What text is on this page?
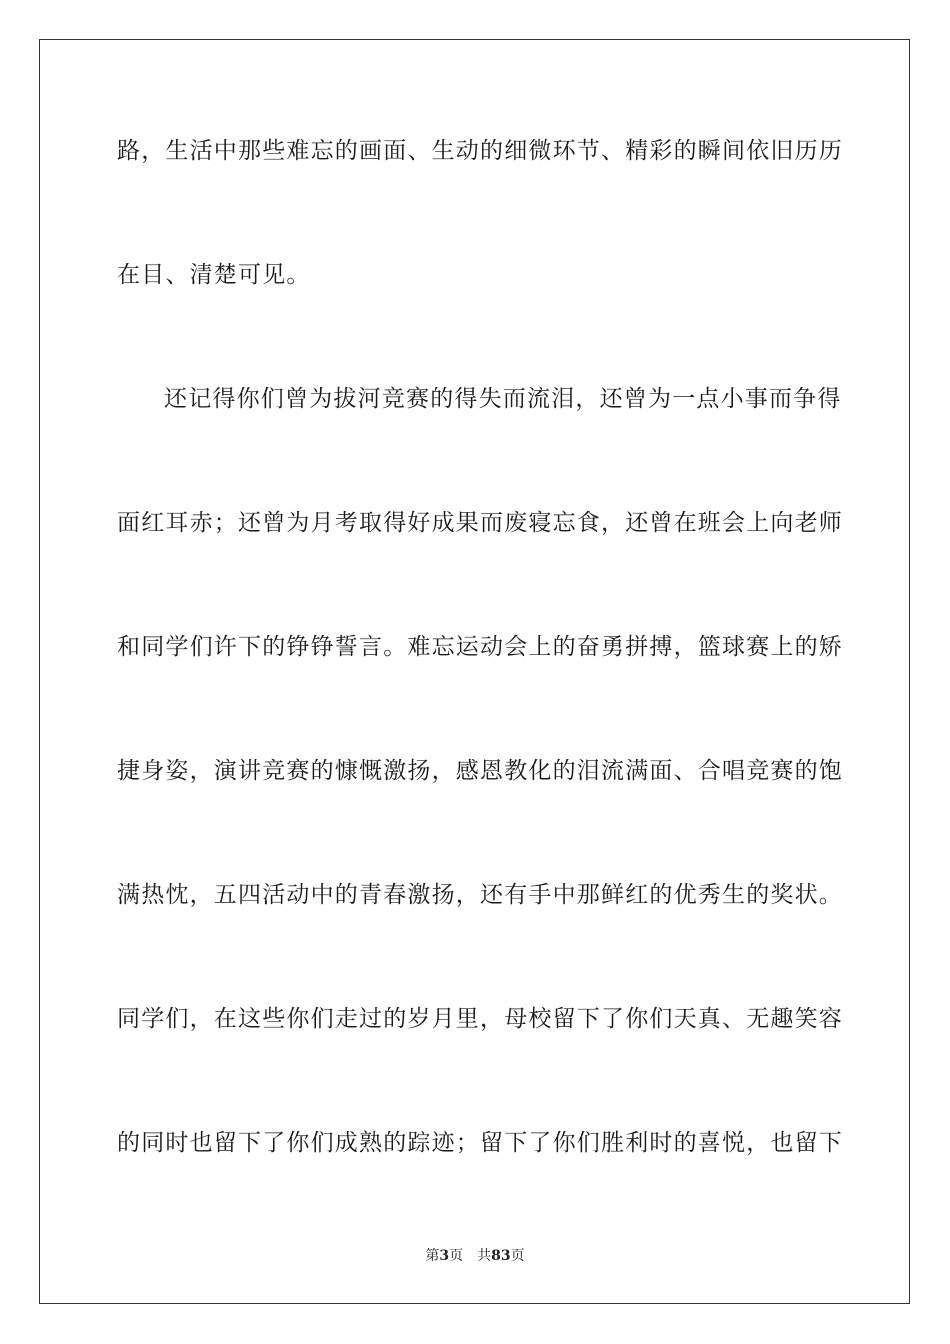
路，生活中那些难忘的画面、生动的细微环节、精彩的瞬间依旧历历
在目、清楚可见。
还记得你们曾为拔河竞赛的得失而流泪，还曾为一点小事而争得
面红耳赤；还曾为月考取得好成果而废寝忘食，还曾在班会上向老师
和同学们许下的铮铮誓言。难忘运动会上的奋勇拼搏，篮球赛上的矫
捷身姿，演讲竞赛的慷慨激扬，感恩教化的泪流满面、合唱竞赛的饱
满热忱，五四活动中的青春激扬，还有手中那鲜红的优秀生的奖状。
同学们，在这些你们走过的岁月里，母校留下了你们天真、无趣笑容
的同时也留下了你们成熟的踪迹；留下了你们胜利时的喜悦，也留下
第3页 共83页
